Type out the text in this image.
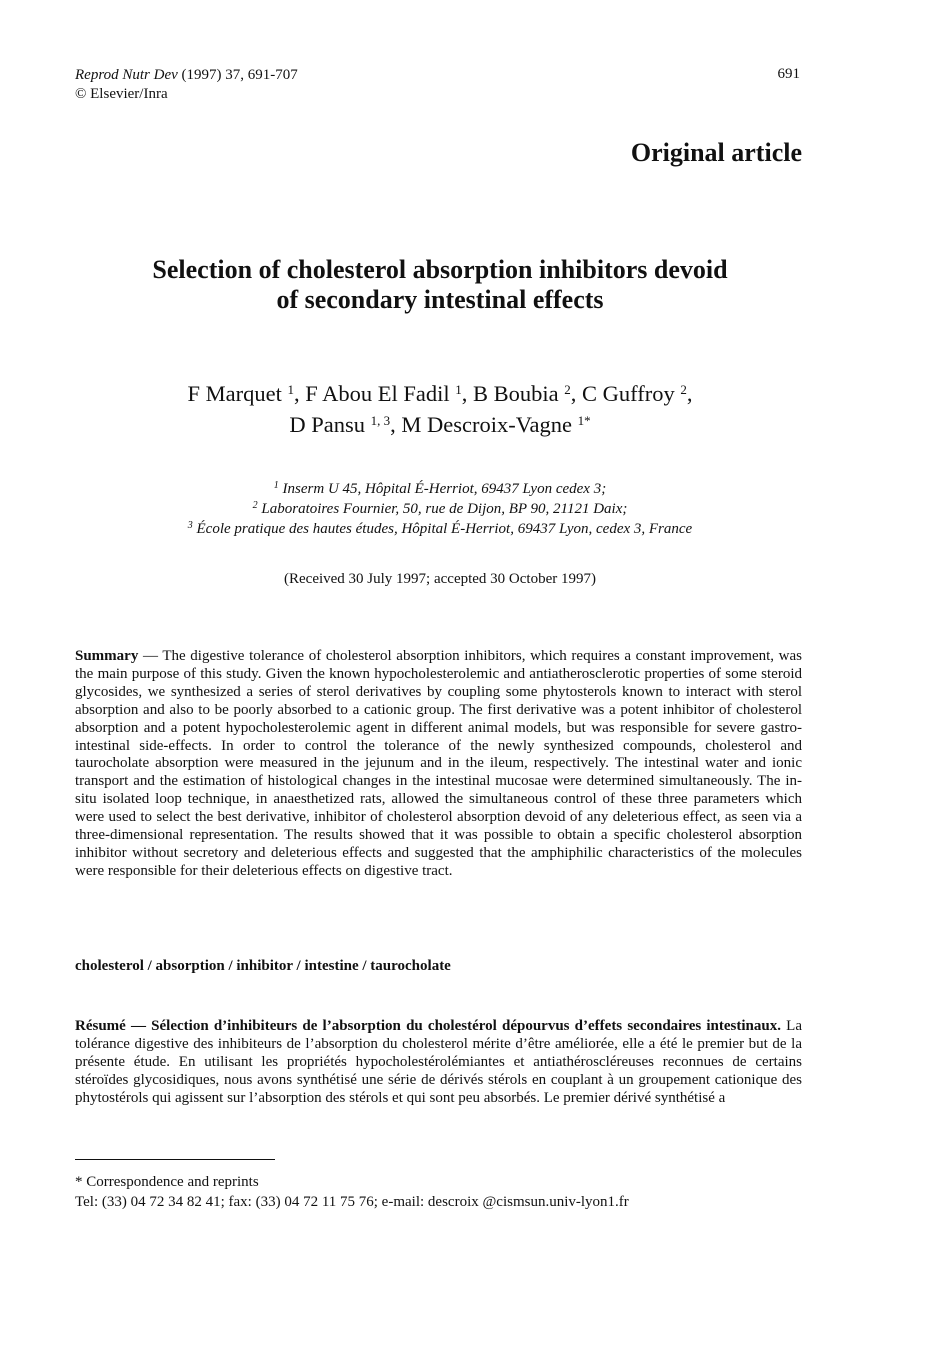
Reprod Nutr Dev (1997) 37, 691-707
© Elsevier/Inra
691
Original article
Selection of cholesterol absorption inhibitors devoid
of secondary intestinal effects
F Marquet $^1$, F Abou El Fadil $^1$, B Boubia $^2$, C Guffroy $^2$,
D Pansu $^{1, 3}$, M Descroix-Vagne $^{1*}$
$^1$ Inserm U 45, Hôpital É-Herriot, 69437 Lyon cedex 3;
$^2$ Laboratoires Fournier, 50, rue de Dijon, BP 90, 21121 Daix;
$^3$ École pratique des hautes études, Hôpital É-Herriot, 69437 Lyon, cedex 3, France
(Received 30 July 1997; accepted 30 October 1997)
Summary — The digestive tolerance of cholesterol absorption inhibitors, which requires a constant improvement, was the main purpose of this study. Given the known hypocholesterolemic and antiatherosclerotic properties of some steroid glycosides, we synthesized a series of sterol derivatives by coupling some phytosterols known to interact with sterol absorption and also to be poorly absorbed to a cationic group. The first derivative was a potent inhibitor of cholesterol absorption and a potent hypocholesterolemic agent in different animal models, but was responsible for severe gastro-intestinal side-effects. In order to control the tolerance of the newly synthesized compounds, cholesterol and taurocholate absorption were measured in the jejunum and in the ileum, respectively. The intestinal water and ionic transport and the estimation of histological changes in the intestinal mucosae were determined simultaneously. The in-situ isolated loop technique, in anaesthetized rats, allowed the simultaneous control of these three parameters which were used to select the best derivative, inhibitor of cholesterol absorption devoid of any deleterious effect, as seen via a three-dimensional representation. The results showed that it was possible to obtain a specific cholesterol absorption inhibitor without secretory and deleterious effects and suggested that the amphiphilic characteristics of the molecules were responsible for their deleterious effects on digestive tract.
cholesterol / absorption / inhibitor / intestine / taurocholate
Résumé — Sélection d’inhibiteurs de l’absorption du cholestérol dépourvus d’effets secondaires intestinaux. La tolérance digestive des inhibiteurs de l’absorption du cholesterol mérite d’être améliorée, elle a été le premier but de la présente étude. En utilisant les propriétés hypocholestérolémiantes et antiathéroscléreuses reconnues de certains stéroïdes glycosidiques, nous avons synthétisé une série de dérivés stérols en couplant à un groupement cationique des phytostérols qui agissent sur l’absorption des stérols et qui sont peu absorbés. Le premier dérivé synthétisé a
* Correspondence and reprints
Tel: (33) 04 72 34 82 41; fax: (33) 04 72 11 75 76; e-mail: descroix @cismsun.univ-lyon1.fr
